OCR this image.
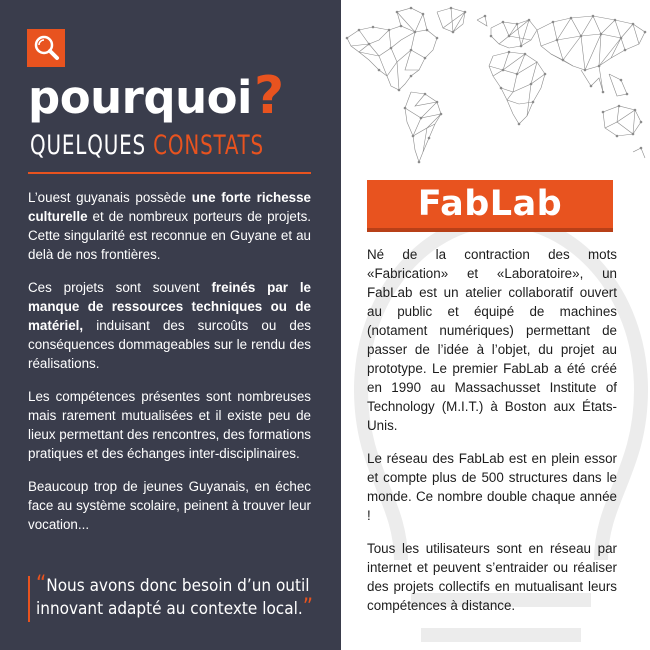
pourquoi?
QUELQUES CONSTATS

L’ouest guyanais possède une forte richesse culturelle et de nombreux porteurs de projets. Cette singularité est reconnue en Guyane et au delà de nos frontières.

Ces projets sont souvent freinés par le manque de ressources techniques ou de matériel, induisant des surcoûts ou des conséquences dommageables sur le rendu des réalisations.

Les compétences présentes sont nombreuses mais rarement mutualisées et il existe peu de lieux permettant des rencontres, des formations pratiques et des échanges inter-disciplinaires.

Beaucoup trop de jeunes Guyanais, en échec face au système scolaire, peinent à trouver leur vocation...

“Nous avons donc besoin d’un outil innovant adapté au contexte local.”
FabLab

Né de la contraction des mots «Fabrication» et «Laboratoire», un FabLab est un atelier collaboratif ouvert au public et équipé de machines (notament numériques) permettant de passer de l’idée à l’objet, du projet au prototype. Le premier FabLab a été créé en 1990 au Massachusset Institute of Technology (M.I.T.) à Boston aux États-Unis.

Le réseau des FabLab est en plein essor et compte plus de 500 structures dans le monde. Ce nombre double chaque année !

Tous les utilisateurs sont en réseau par internet et peuvent s’entraider ou réaliser des projets collectifs en mutualisant leurs compétences à distance.
